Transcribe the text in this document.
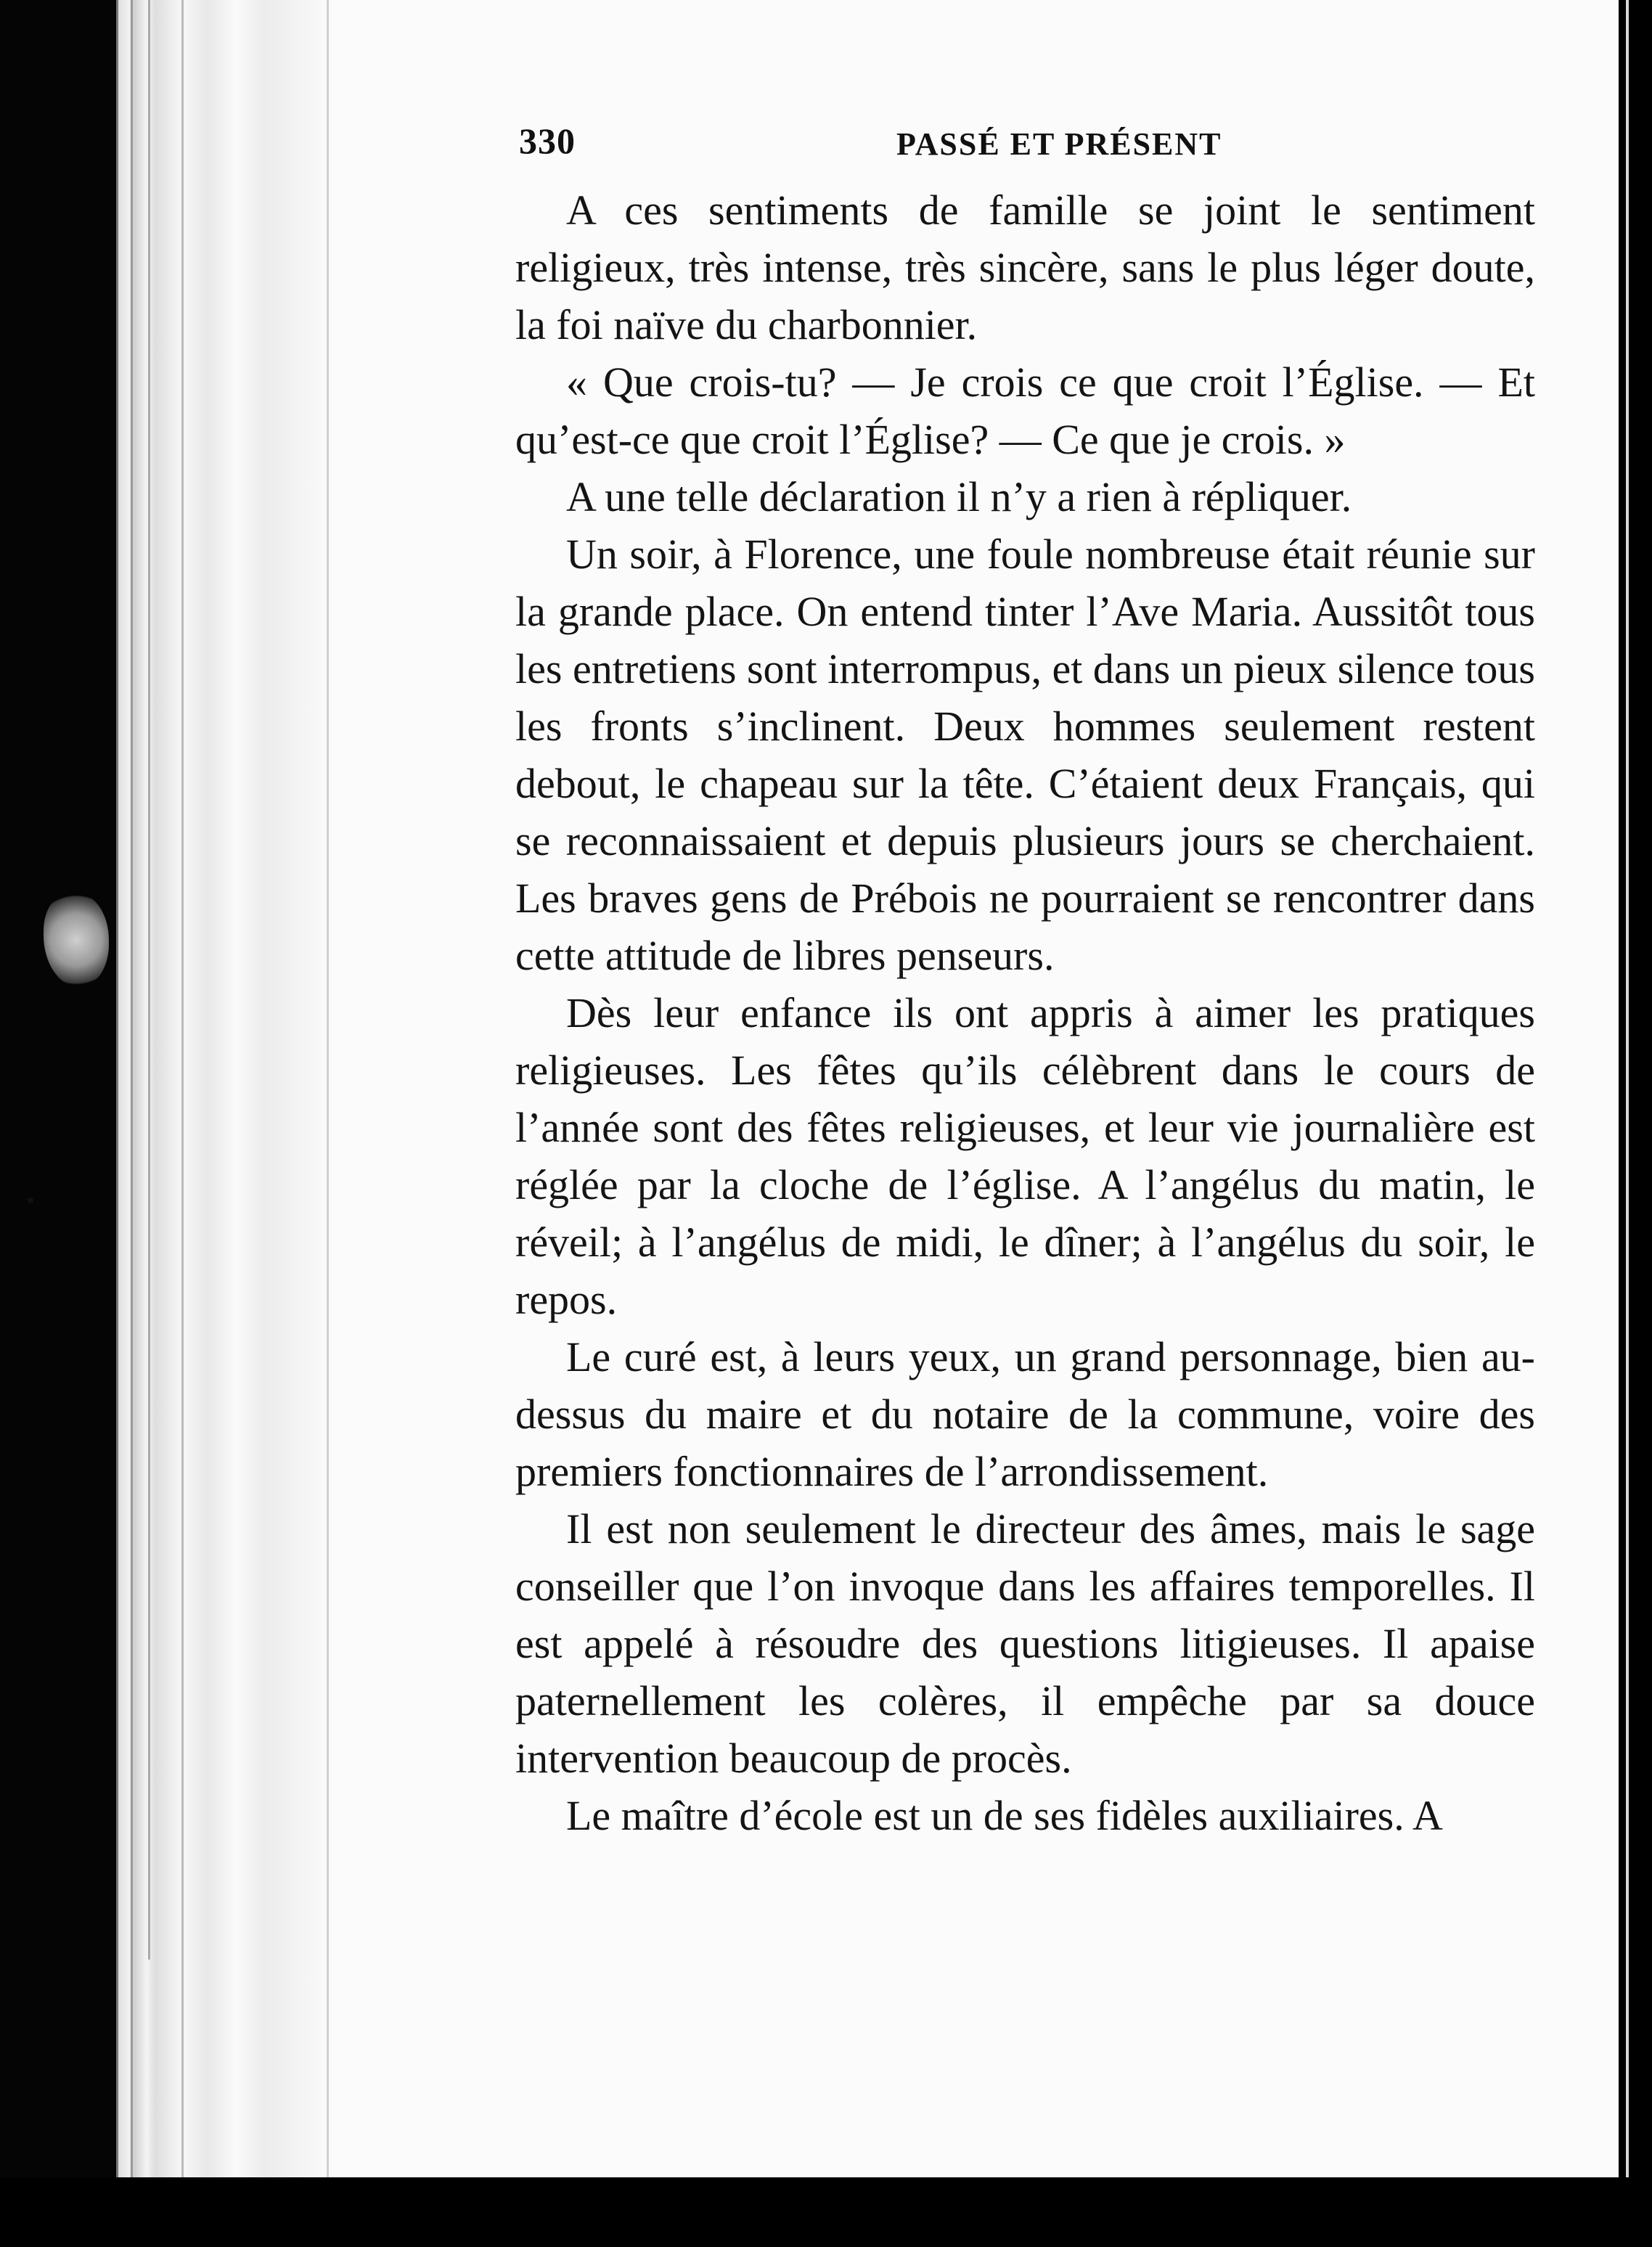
330	PASSÉ ET PRÉSENT

A ces sentiments de famille se joint le sentiment religieux, très intense, très sincère, sans le plus léger doute, la foi naïve du charbonnier.

« Que crois-tu? — Je crois ce que croit l’Église. — Et qu’est-ce que croit l’Église? — Ce que je crois. »

A une telle déclaration il n’y a rien à répliquer.

Un soir, à Florence, une foule nombreuse était réunie sur la grande place. On entend tinter l’Ave Maria. Aussitôt tous les entretiens sont interrompus, et dans un pieux silence tous les fronts s’inclinent. Deux hommes seulement restent debout, le chapeau sur la tête. C’étaient deux Français, qui se reconnaissaient et depuis plusieurs jours se cherchaient. Les braves gens de Prébois ne pourraient se rencontrer dans cette attitude de libres penseurs.

Dès leur enfance ils ont appris à aimer les pratiques religieuses. Les fêtes qu’ils célèbrent dans le cours de l’année sont des fêtes religieuses, et leur vie journalière est réglée par la cloche de l’église. A l’angélus du matin, le réveil; à l’angélus de midi, le dîner; à l’angélus du soir, le repos.

Le curé est, à leurs yeux, un grand personnage, bien au-dessus du maire et du notaire de la commune, voire des premiers fonctionnaires de l’arrondissement.

Il est non seulement le directeur des âmes, mais le sage conseiller que l’on invoque dans les affaires temporelles. Il est appelé à résoudre des questions litigieuses. Il apaise paternellement les colères, il empêche par sa douce intervention beaucoup de procès.

Le maître d’école est un de ses fidèles auxiliaires. A
